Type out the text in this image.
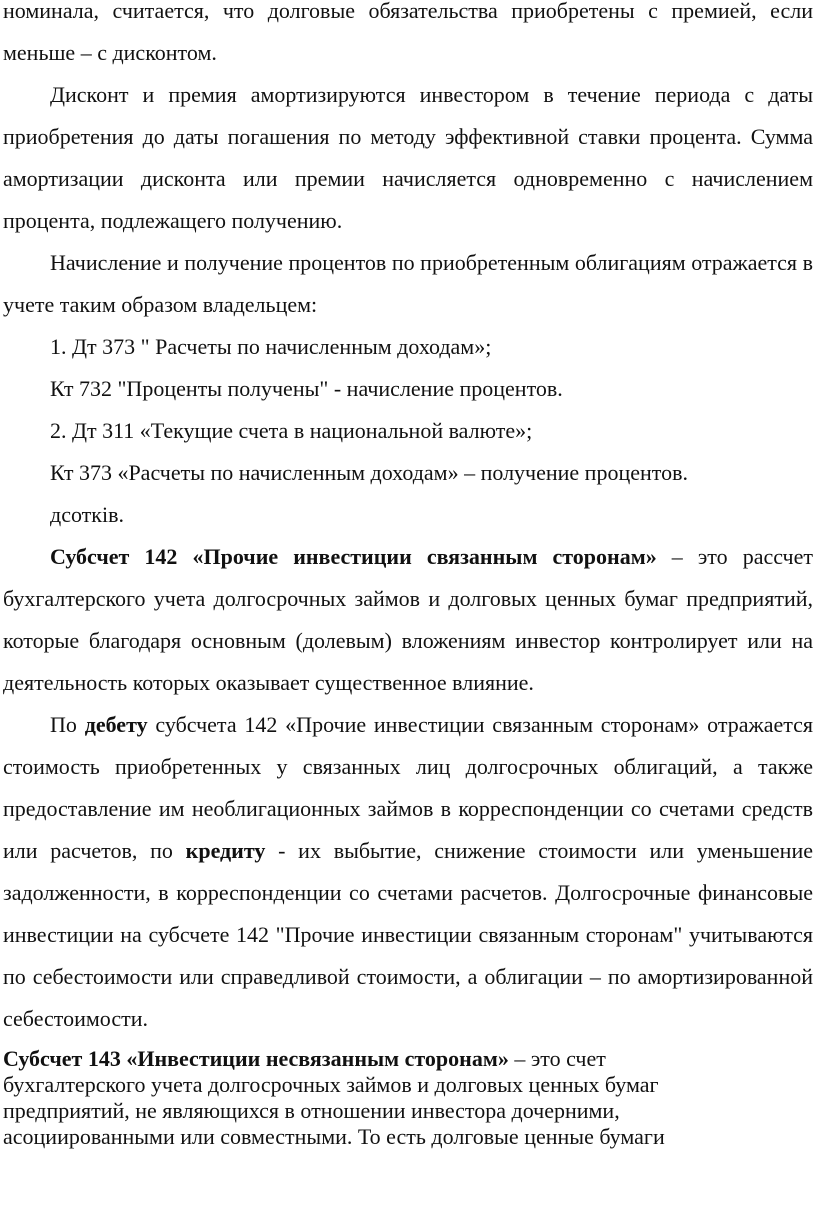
номинала, считается, что долговые обязательства приобретены с премией, если меньше – с дисконтом.

Дисконт и премия амортизируются инвестором в течение периода с даты приобретения до даты погашения по методу эффективной ставки процента. Сумма амортизации дисконта или премии начисляется одновременно с начислением процента, подлежащего получению.

Начисление и получение процентов по приобретенным облигациям отражается в учете таким образом владельцем:

1. Дт 373 " Расчеты по начисленным доходам»;

Кт 732 "Проценты получены" - начисление процентов.

2. Дт 311 «Текущие счета в национальной валюте»;

Кт 373 «Расчеты по начисленным доходам» – получение процентов.

дсотків.

Субсчет 142 «Прочие инвестиции связанным сторонам» – это рассчет бухгалтерского учета долгосрочных займов и долговых ценных бумаг предприятий, которые благодаря основным (долевым) вложениям инвестор контролирует или на деятельность которых оказывает существенное влияние.

По дебету субсчета 142 «Прочие инвестиции связанным сторонам» отражается стоимость приобретенных у связанных лиц долгосрочных облигаций, а также предоставление им необлигационных займов в корреспонденции со счетами средств или расчетов, по кредиту - их выбытие, снижение стоимости или уменьшение задолженности, в корреспонденции со счетами расчетов. Долгосрочные финансовые инвестиции на субсчете 142 "Прочие инвестиции связанным сторонам" учитываются по себестоимости или справедливой стоимости, а облигации – по амортизированной себестоимости.

Субсчет 143 «Инвестиции несвязанным сторонам» – это счет бухгалтерского учета долгосрочных займов и долговых ценных бумаг предприятий, не являющихся в отношении инвестора дочерними, асоциированными или совместными. То есть долговые ценные бумаги
